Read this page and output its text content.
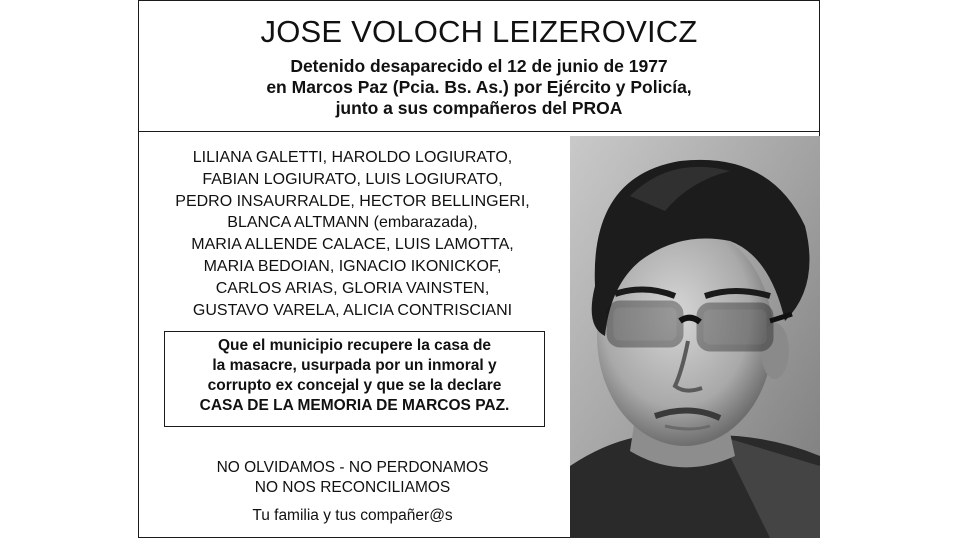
JOSE VOLOCH LEIZEROVICZ
Detenido desaparecido el 12 de junio de 1977
en Marcos Paz (Pcia. Bs. As.) por Ejército y Policía,
junto a sus compañeros del PROA
LILIANA GALETTI, HAROLDO LOGIURATO,
FABIAN LOGIURATO, LUIS LOGIURATO,
PEDRO INSAURRALDE, HECTOR BELLINGERI,
BLANCA ALTMANN (embarazada),
MARIA ALLENDE CALACE, LUIS LAMOTTA,
MARIA BEDOIAN, IGNACIO IKONICKOF,
CARLOS ARIAS, GLORIA VAINSTEN,
GUSTAVO VARELA, ALICIA CONTRISCIANI
Que el municipio recupere la casa de
la masacre, usurpada por un inmoral y
corrupto ex concejal y que se la declare
CASA DE LA MEMORIA DE MARCOS PAZ.
NO OLVIDAMOS - NO PERDONAMOS
NO NOS RECONCILIAMOS
Tu familia y tus compañer@s
